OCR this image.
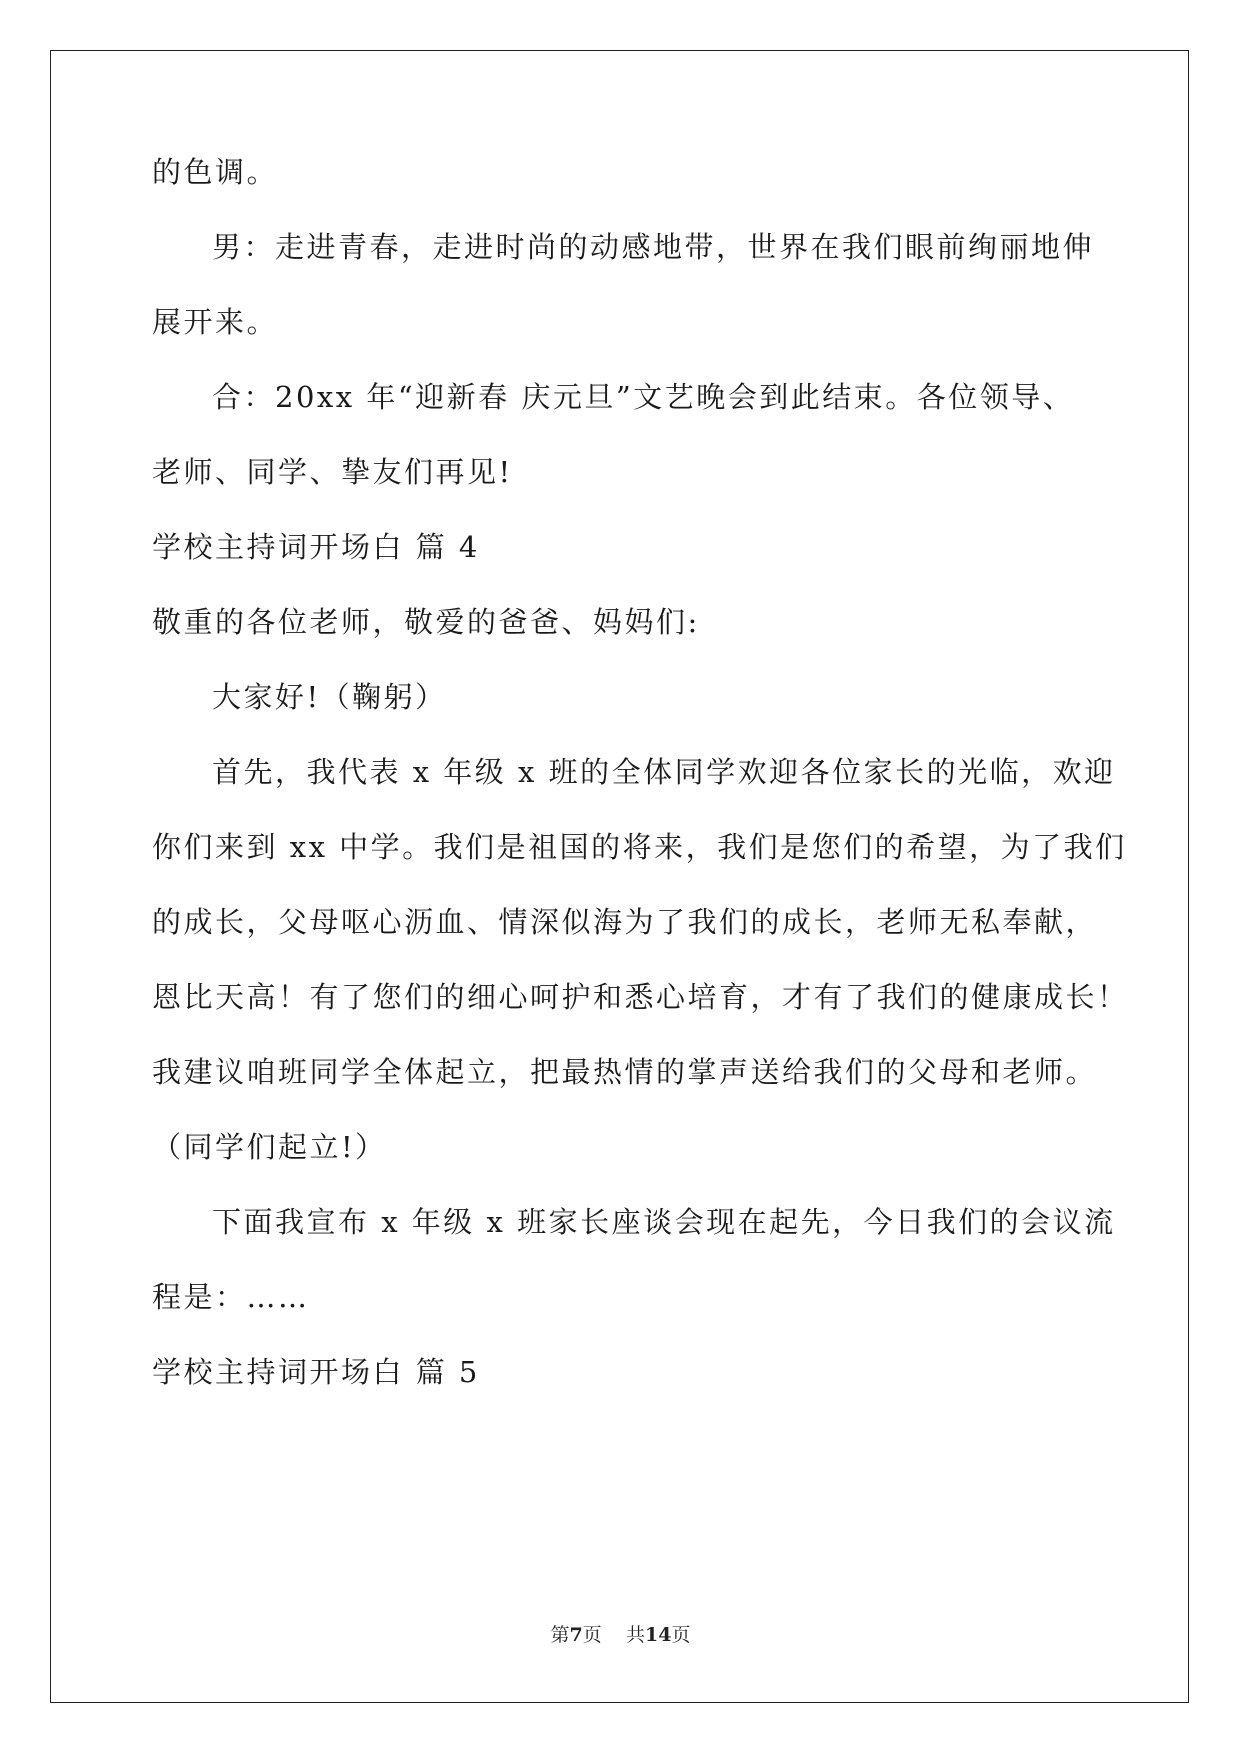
的色调。
男：走进青春，走进时尚的动感地带，世界在我们眼前绚丽地伸
展开来。
合：20xx 年“迎新春 庆元旦”文艺晚会到此结束。各位领导、
老师、同学、挚友们再见!
学校主持词开场白 篇 4
敬重的各位老师，敬爱的爸爸、妈妈们:
大家好!（鞠躬）
首先，我代表 x 年级 x 班的全体同学欢迎各位家长的光临，欢迎
你们来到 xx 中学。我们是祖国的将来，我们是您们的希望，为了我们
的成长，父母呕心沥血、情深似海为了我们的成长，老师无私奉献，
恩比天高！有了您们的细心呵护和悉心培育，才有了我们的健康成长！
我建议咱班同学全体起立，把最热情的掌声送给我们的父母和老师。
（同学们起立!）
下面我宣布 x 年级 x 班家长座谈会现在起先，今日我们的会议流
程是：……
学校主持词开场白 篇 5
第7页 共14页
